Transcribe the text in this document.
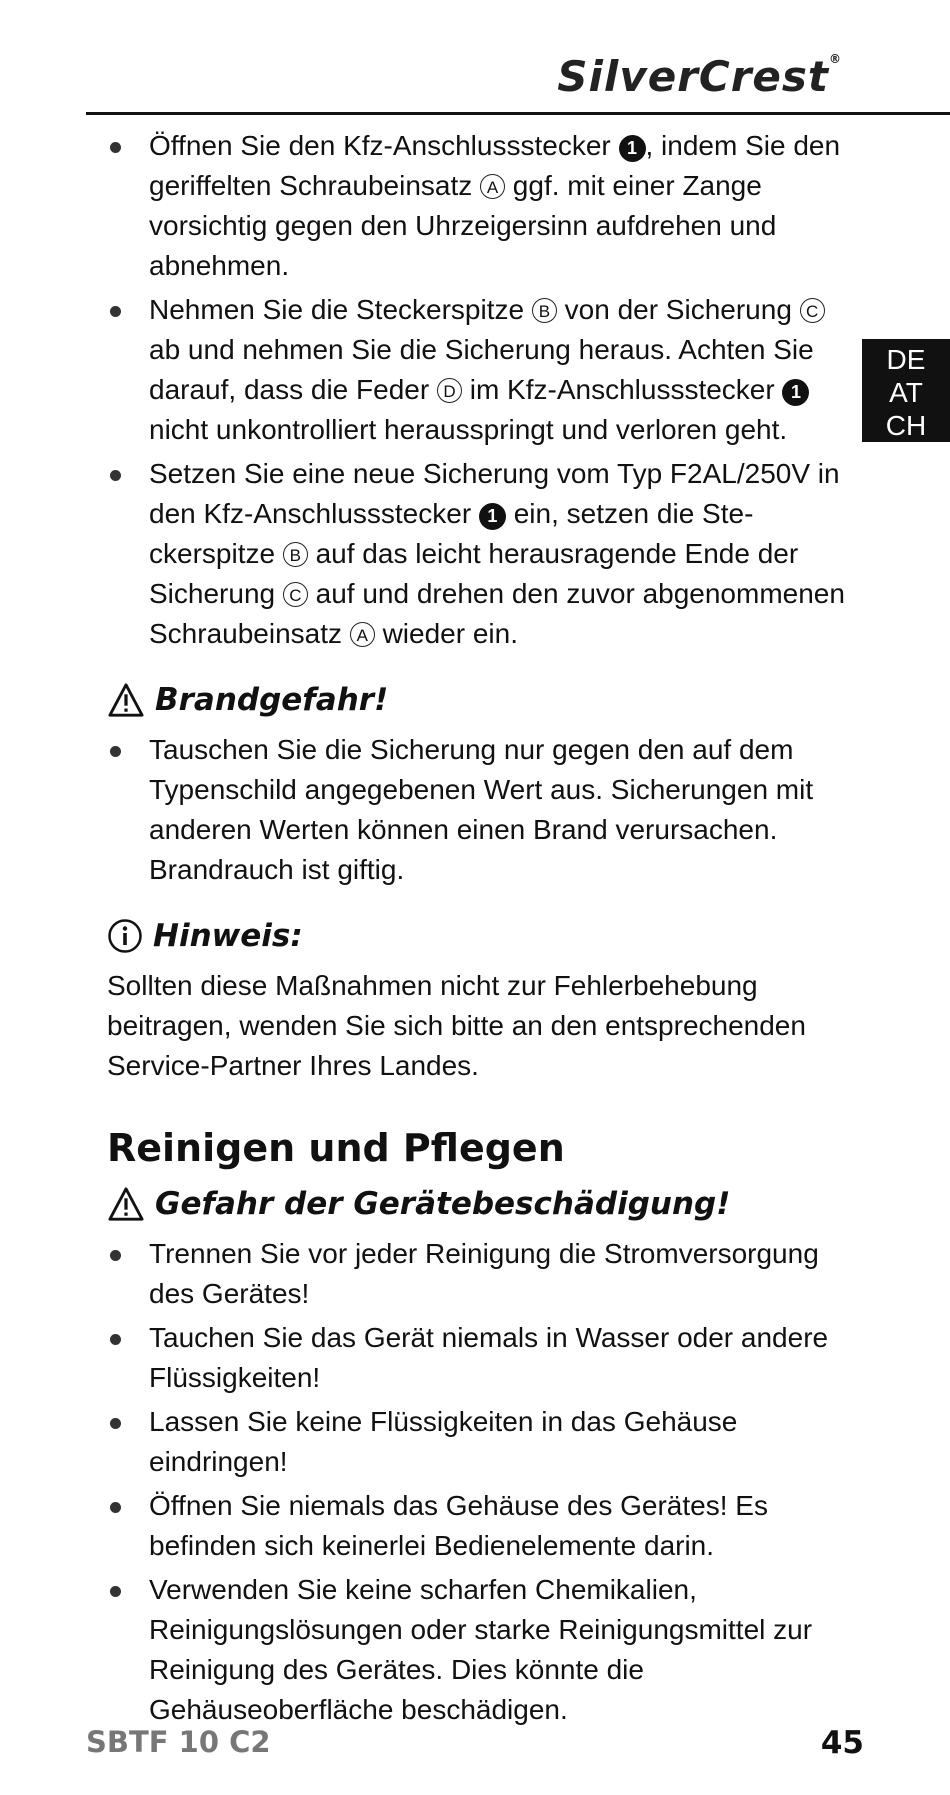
SilverCrest®
DE
AT
CH
Öffnen Sie den Kfz-Anschlussstecker 1 , indem Sie den geriffelten Schraubeinsatz A ggf. mit einer Zange vorsichtig gegen den Uhrzeigersinn aufdrehen und abnehmen.
Nehmen Sie die Steckerspitze B von der Sicherung C ab und nehmen Sie die Sicherung heraus. Achten Sie darauf, dass die Feder D im Kfz-Anschlussstecker 1 nicht unkontrolliert herausspringt und verloren geht.
Setzen Sie eine neue Sicherung vom Typ F2AL/250V in den Kfz-Anschlussstecker 1 ein, setzen die Steckerspitze B auf das leicht herausragende Ende der Sicherung C auf und drehen den zuvor abgenommenen Schraubeinsatz A wieder ein.
Brandgefahr!
Tauschen Sie die Sicherung nur gegen den auf dem Typenschild angegebenen Wert aus. Sicherungen mit anderen Werten können einen Brand verursachen. Brandrauch ist giftig.
Hinweis:

Sollten diese Maßnahmen nicht zur Fehlerbehebung beitragen, wenden Sie sich bitte an den entsprechenden Service-Partner Ihres Landes.

Reinigen und Pflegen
Gefahr der Gerätebeschädigung!
Trennen Sie vor jeder Reinigung die Stromversorgung des Gerätes!
Tauchen Sie das Gerät niemals in Wasser oder andere Flüssigkeiten!
Lassen Sie keine Flüssigkeiten in das Gehäuse eindringen!
Öffnen Sie niemals das Gehäuse des Gerätes! Es befinden sich keinerlei Bedienelemente darin.
Verwenden Sie keine scharfen Chemikalien, Reinigungslösungen oder starke Reinigungsmittel zur Reinigung des Gerätes. Dies könnte die Gehäuseoberfläche beschädigen.
SBTF 10 C2	45
